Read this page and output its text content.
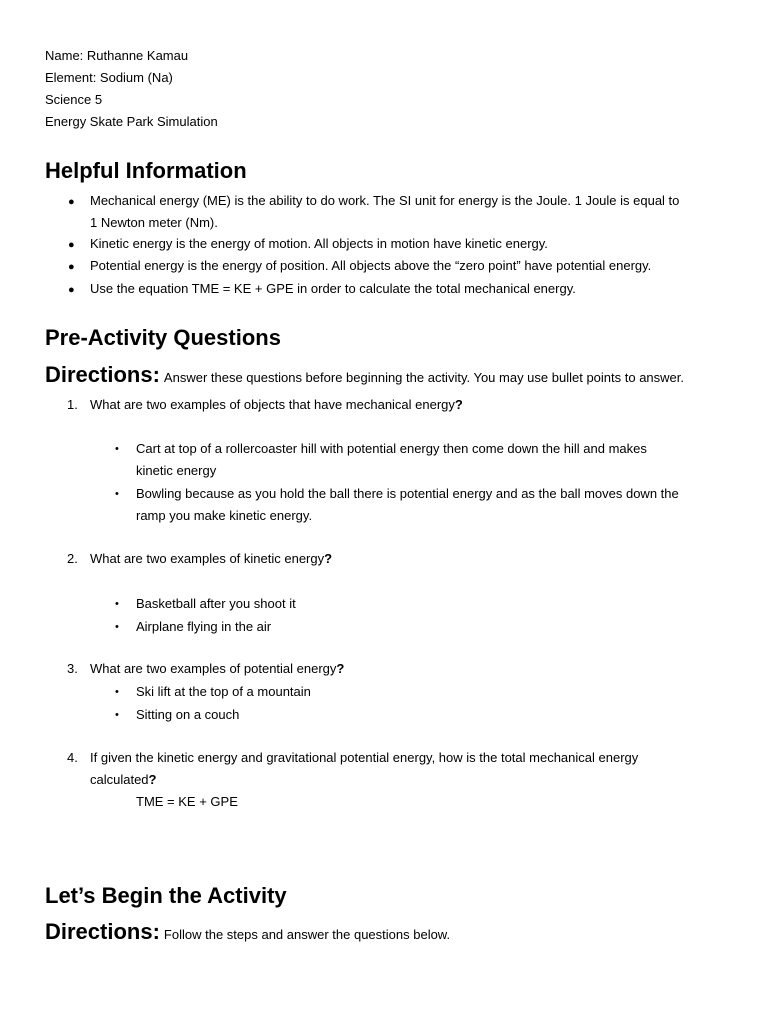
Name: Ruthanne Kamau
Element: Sodium (Na)
Science 5
Energy Skate Park Simulation
Helpful Information
● Mechanical energy (ME) is the ability to do work. The SI unit for energy is the Joule. 1 Joule is equal to
1 Newton meter (Nm).
● Kinetic energy is the energy of motion. All objects in motion have kinetic energy.
● Potential energy is the energy of position. All objects above the “zero point” have potential energy.
● Use the equation TME = KE + GPE in order to calculate the total mechanical energy.
Pre-Activity Questions
Directions: Answer these questions before beginning the activity. You may use bullet points to answer.
1. What are two examples of objects that have mechanical energy?
• Cart at top of a rollercoaster hill with potential energy then come down the hill and makes
kinetic energy
• Bowling because as you hold the ball there is potential energy and as the ball moves down the
ramp you make kinetic energy.
2. What are two examples of kinetic energy?
• Basketball after you shoot it
• Airplane flying in the air
3. What are two examples of potential energy?
• Ski lift at the top of a mountain
• Sitting on a couch
4. If given the kinetic energy and gravitational potential energy, how is the total mechanical energy
calculated?
TME = KE + GPE
Let’s Begin the Activity
Directions: Follow the steps and answer the questions below.
